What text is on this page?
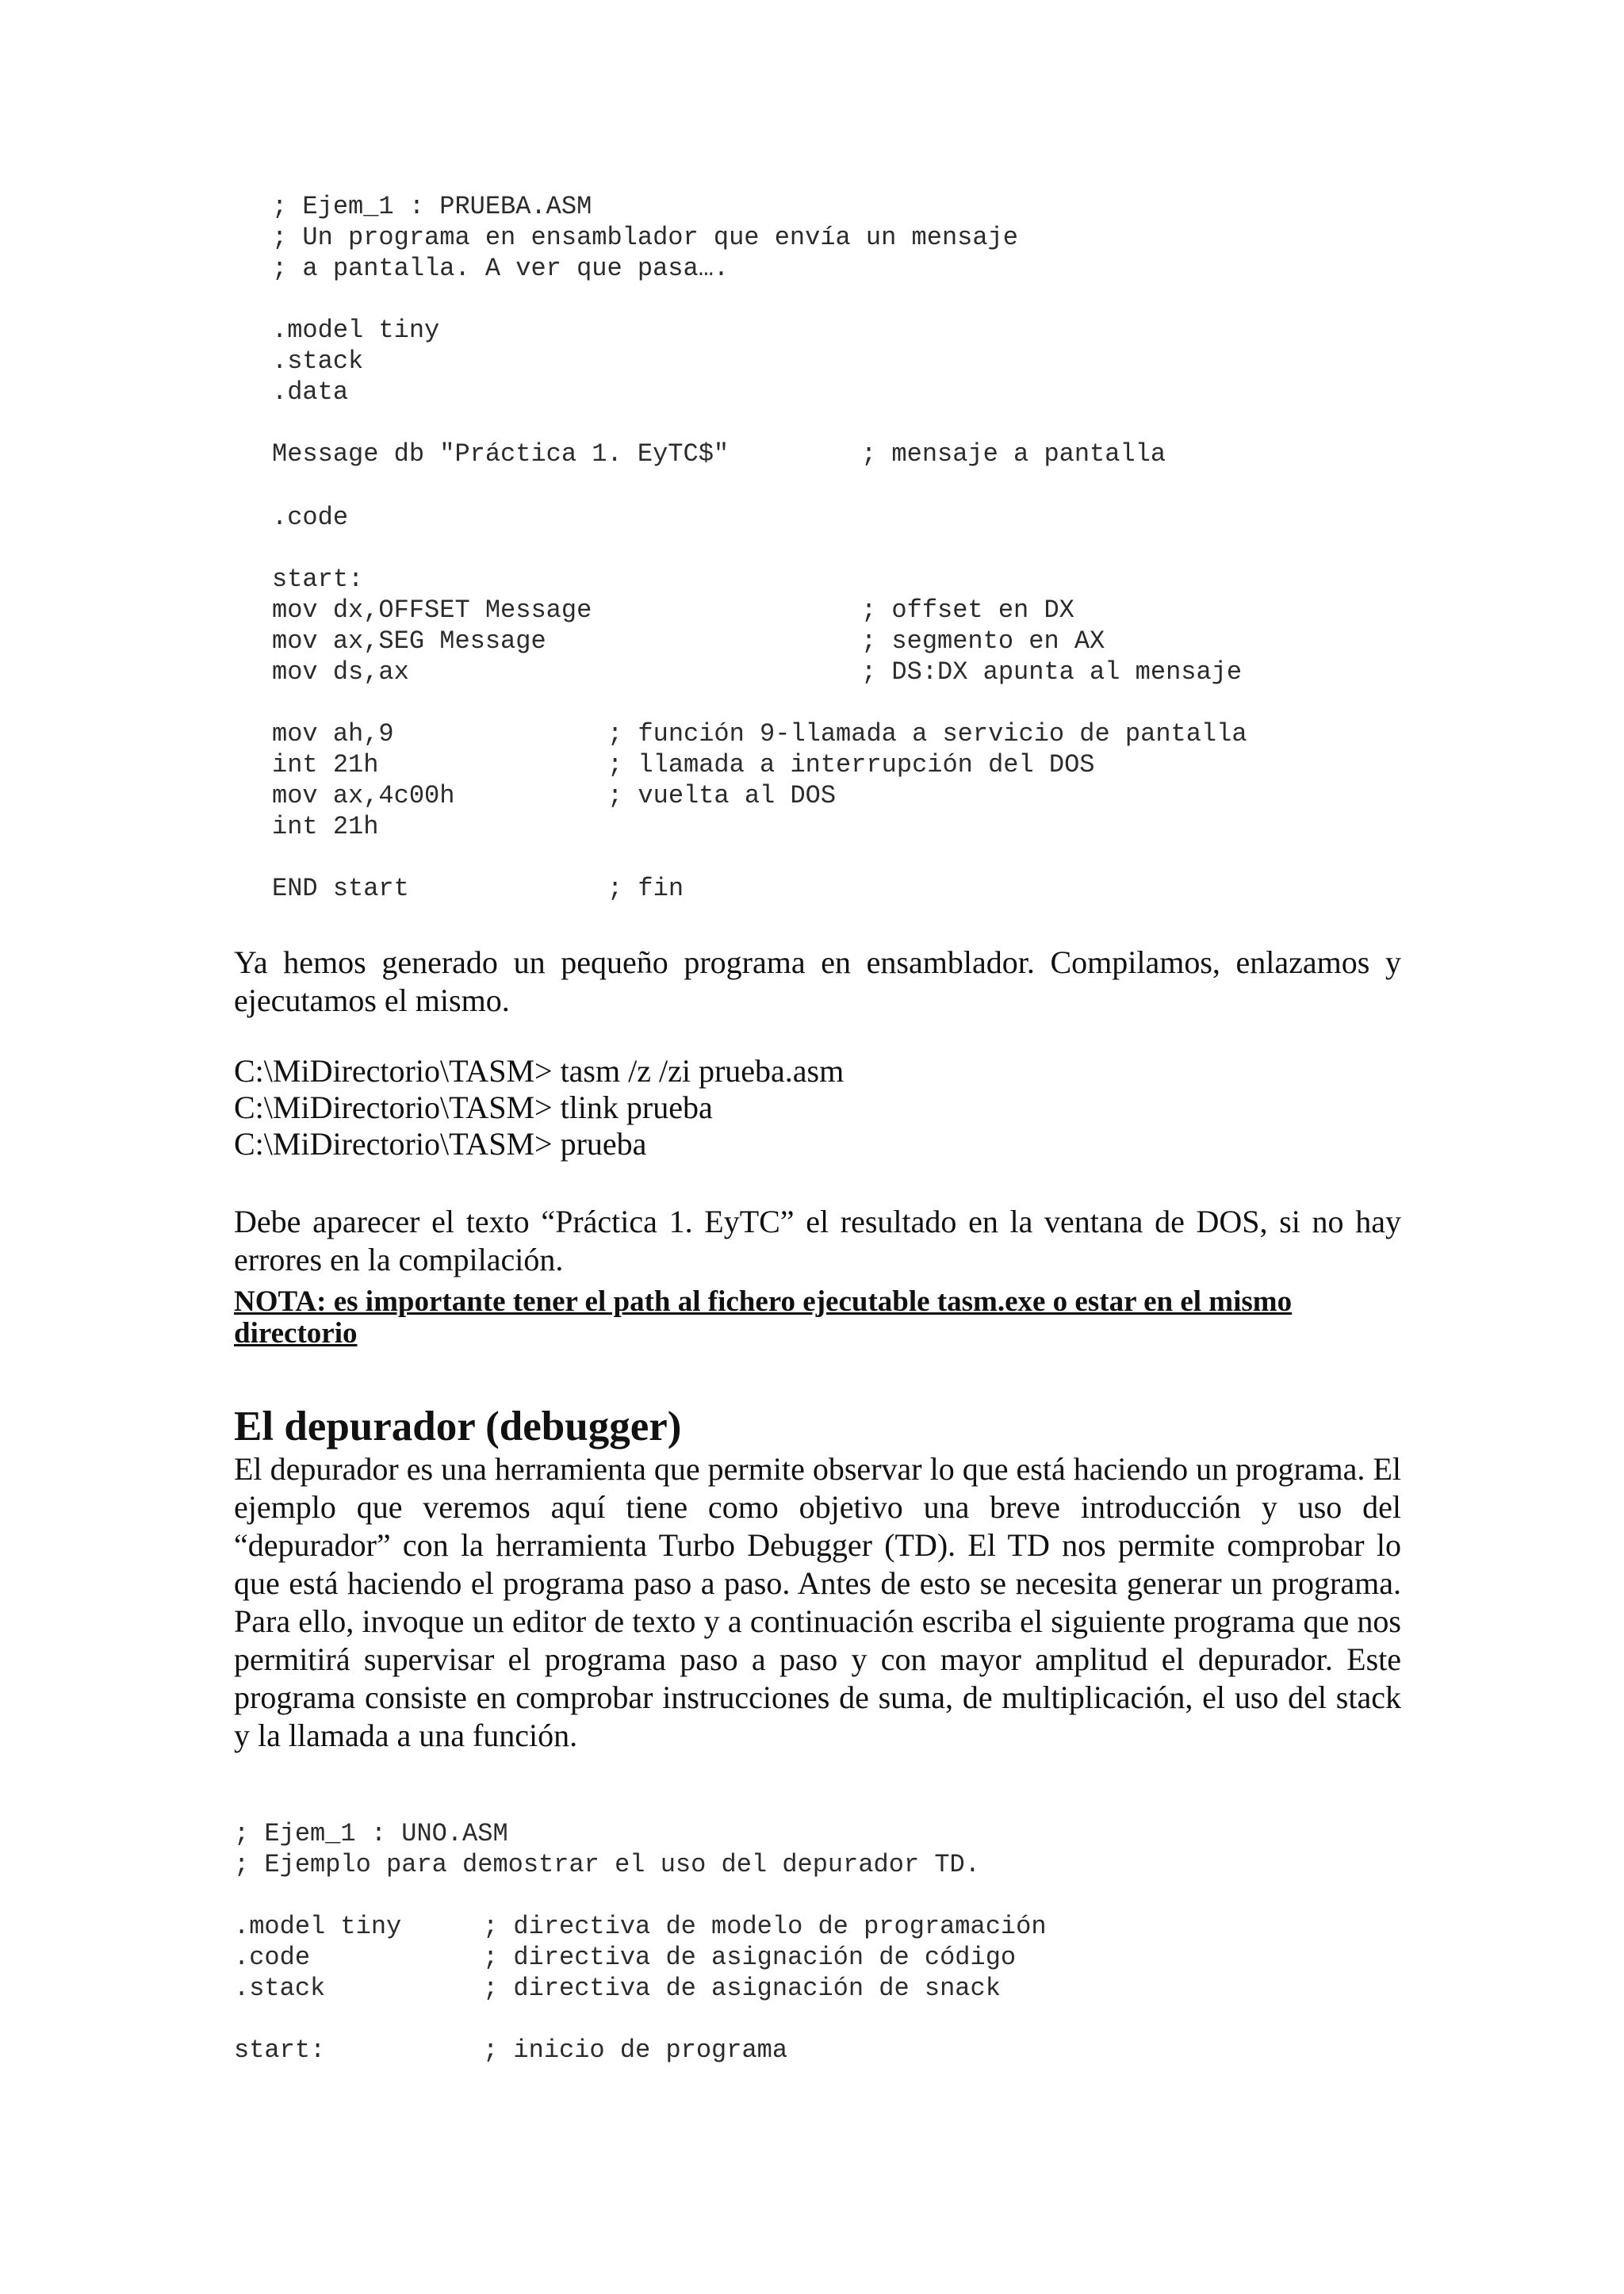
; Ejem_1 : PRUEBA.ASM
; Un programa en ensamblador que envía un mensaje
; a pantalla. A ver que pasa….
.model tiny
.stack
.data
Message db "Práctica 1. EyTC$"	; mensaje a pantalla
.code
start:
mov dx,OFFSET Message	; offset en DX
mov ax,SEG Message	; segmento en AX
mov ds,ax	; DS:DX apunta al mensaje
mov ah,9	; función 9-llamada a servicio de pantalla
int 21h	; llamada a interrupción del DOS
mov ax,4c00h	; vuelta al DOS
int 21h
END start	; fin

Ya hemos generado un pequeño programa en ensamblador. Compilamos, enlazamos y ejecutamos el mismo.

C:\MiDirectorio\TASM> tasm /z /zi prueba.asm
C:\MiDirectorio\TASM> tlink prueba
C:\MiDirectorio\TASM> prueba

Debe aparecer el texto “Práctica 1. EyTC” el resultado en la ventana de DOS, si no hay errores en la compilación.

NOTA: es importante tener el path al fichero ejecutable tasm.exe o estar en el mismo directorio

El depurador (debugger)

El depurador es una herramienta que permite observar lo que está haciendo un programa. El ejemplo que veremos aquí tiene como objetivo una breve introducción y uso del “depurador” con la herramienta Turbo Debugger (TD). El TD nos permite comprobar lo que está haciendo el programa paso a paso. Antes de esto se necesita generar un programa. Para ello, invoque un editor de texto y a continuación escriba el siguiente programa que nos permitirá supervisar el programa paso a paso y con mayor amplitud el depurador. Este programa consiste en comprobar instrucciones de suma, de multiplicación, el uso del stack y la llamada a una función.

; Ejem_1 : UNO.ASM
; Ejemplo para demostrar el uso del depurador TD.
.model tiny	; directiva de modelo de programación
.code	; directiva de asignación de código
.stack	; directiva de asignación de snack
start:	; inicio de programa
